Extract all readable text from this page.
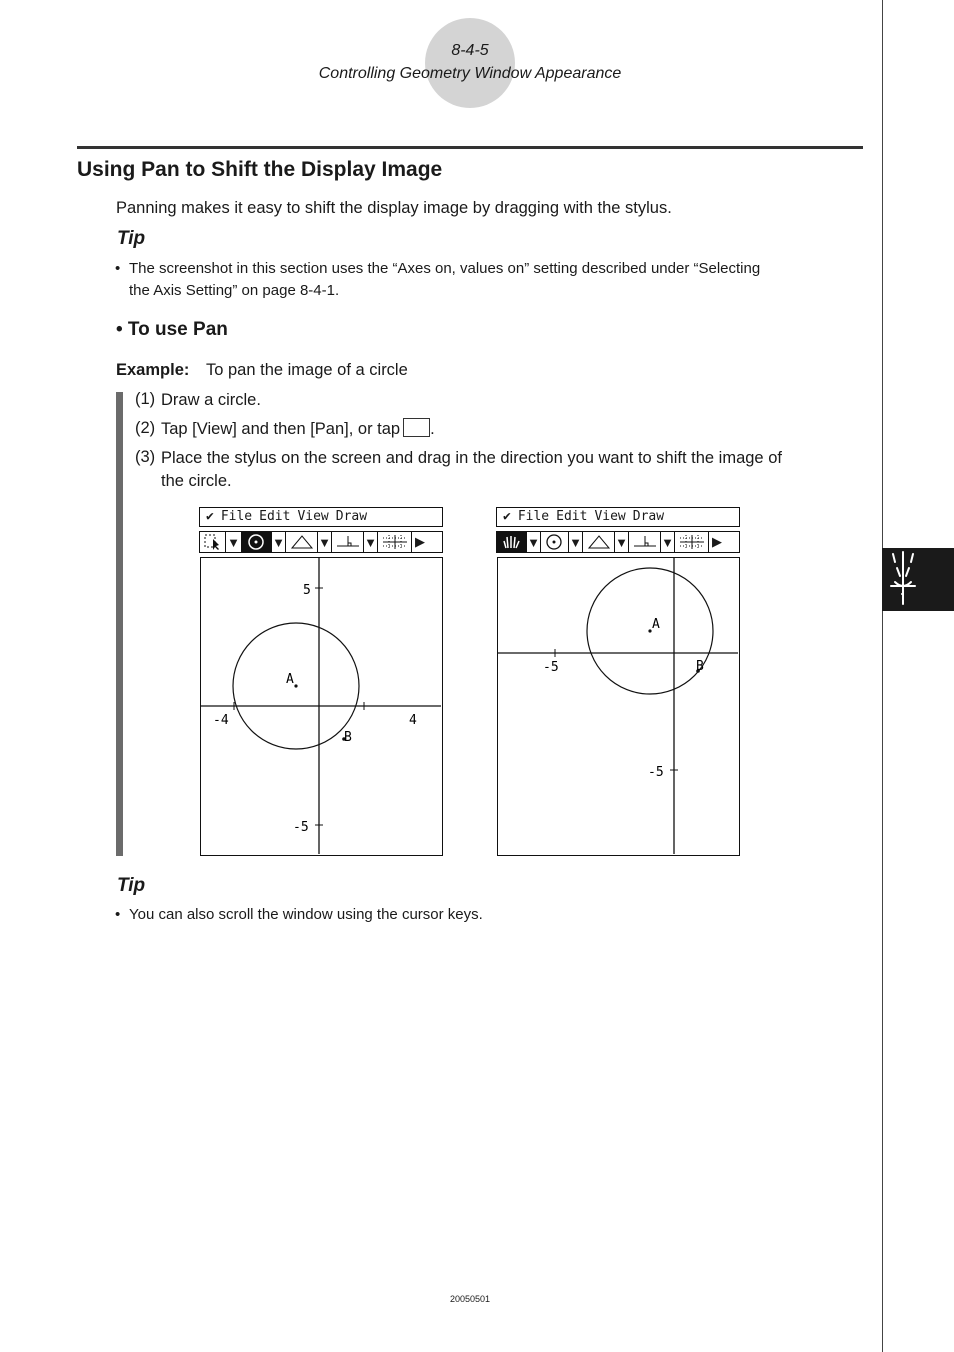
8-4-5
Controlling Geometry Window Appearance
Using Pan to Shift the Display Image
Panning makes it easy to shift the display image by dragging with the stylus.
Tip
• The screenshot in this section uses the “Axes on, values on” setting described under “Selecting
the Axis Setting” on page 8-4-1.
• To use Pan
Example: To pan the image of a circle
(1) Draw a circle.
(2) Tap [View] and then [Pan], or tap .
(3) Place the stylus on the screen and drag in the direction you want to shift the image of
the circle.
✔ File Edit View Draw
▼ ▼	▼	▼	▶
5
-5
-4	4
A
B
✔ File Edit View Draw
▼ ▼	▼	▼	▶
-5
-5
A
B
Tip
• You can also scroll the window using the cursor keys.
20050501
